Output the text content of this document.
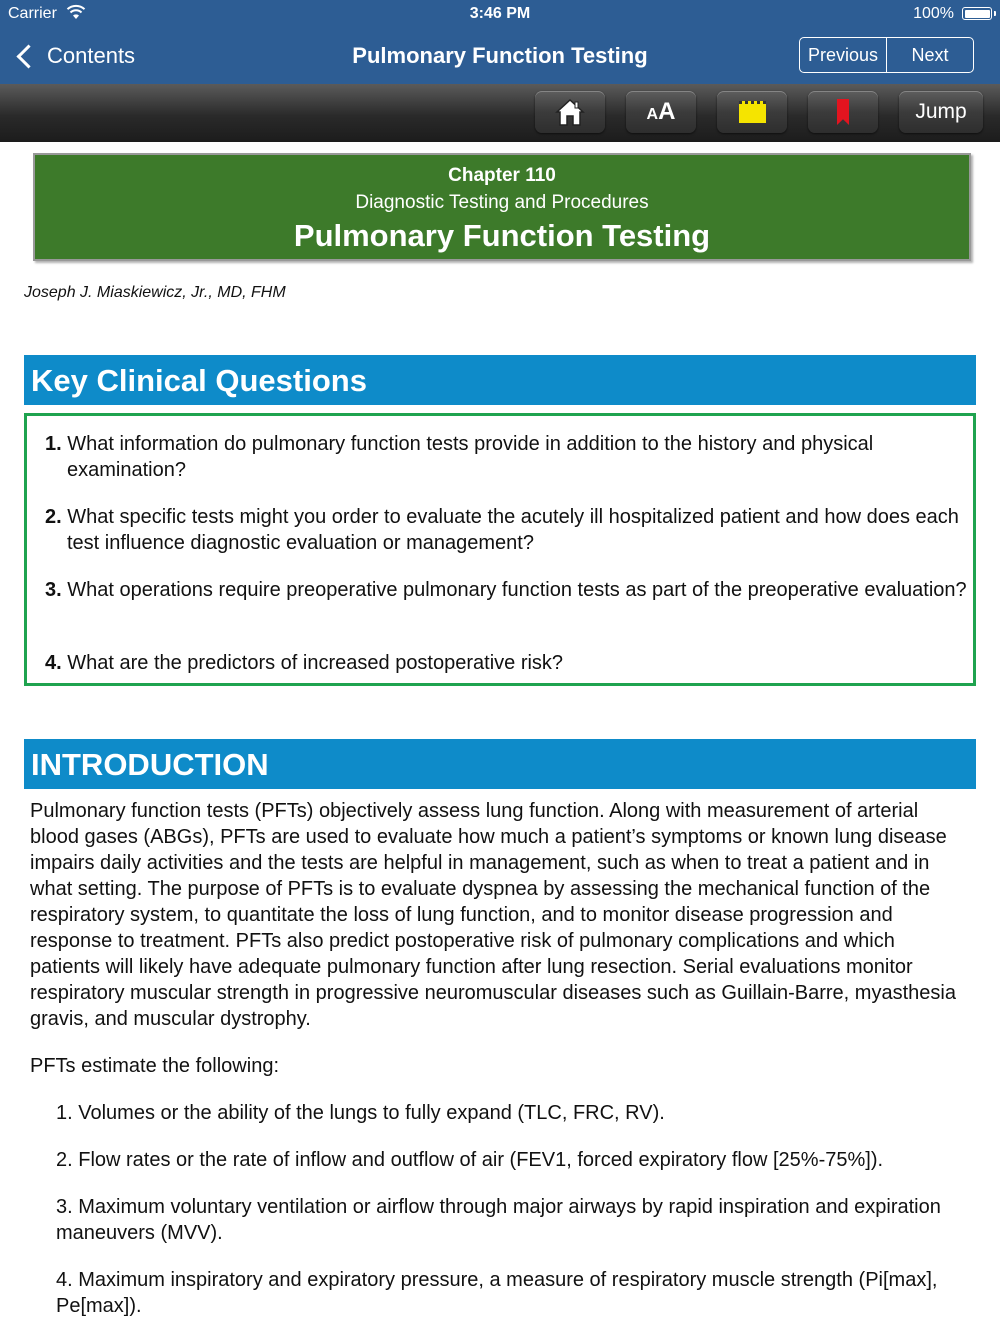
Carrier	3:46 PM	100%
Contents	Pulmonary Function Testing	Previous	Next
AA	Jump
Chapter 110
Diagnostic Testing and Procedures
Pulmonary Function Testing
Joseph J. Miaskiewicz, Jr., MD, FHM
Key Clinical Questions
1. What information do pulmonary function tests provide in addition to the history and physical examination?
2. What specific tests might you order to evaluate the acutely ill hospitalized patient and how does each test influence diagnostic evaluation or management?
3. What operations require preoperative pulmonary function tests as part of the preoperative evaluation?
4. What are the predictors of increased postoperative risk?
INTRODUCTION
Pulmonary function tests (PFTs) objectively assess lung function. Along with measurement of arterial blood gases (ABGs), PFTs are used to evaluate how much a patient’s symptoms or known lung disease impairs daily activities and the tests are helpful in management, such as when to treat a patient and in what setting. The purpose of PFTs is to evaluate dyspnea by assessing the mechanical function of the respiratory system, to quantitate the loss of lung function, and to monitor disease progression and response to treatment. PFTs also predict postoperative risk of pulmonary complications and which patients will likely have adequate pulmonary function after lung resection. Serial evaluations monitor respiratory muscular strength in progressive neuromuscular diseases such as Guillain-Barre, myasthesia gravis, and muscular dystrophy.
PFTs estimate the following:
1. Volumes or the ability of the lungs to fully expand (TLC, FRC, RV).
2. Flow rates or the rate of inflow and outflow of air (FEV1, forced expiratory flow [25%-75%]).
3. Maximum voluntary ventilation or airflow through major airways by rapid inspiration and expiration maneuvers (MVV).
4. Maximum inspiratory and expiratory pressure, a measure of respiratory muscle strength (Pi[max], Pe[max]).
